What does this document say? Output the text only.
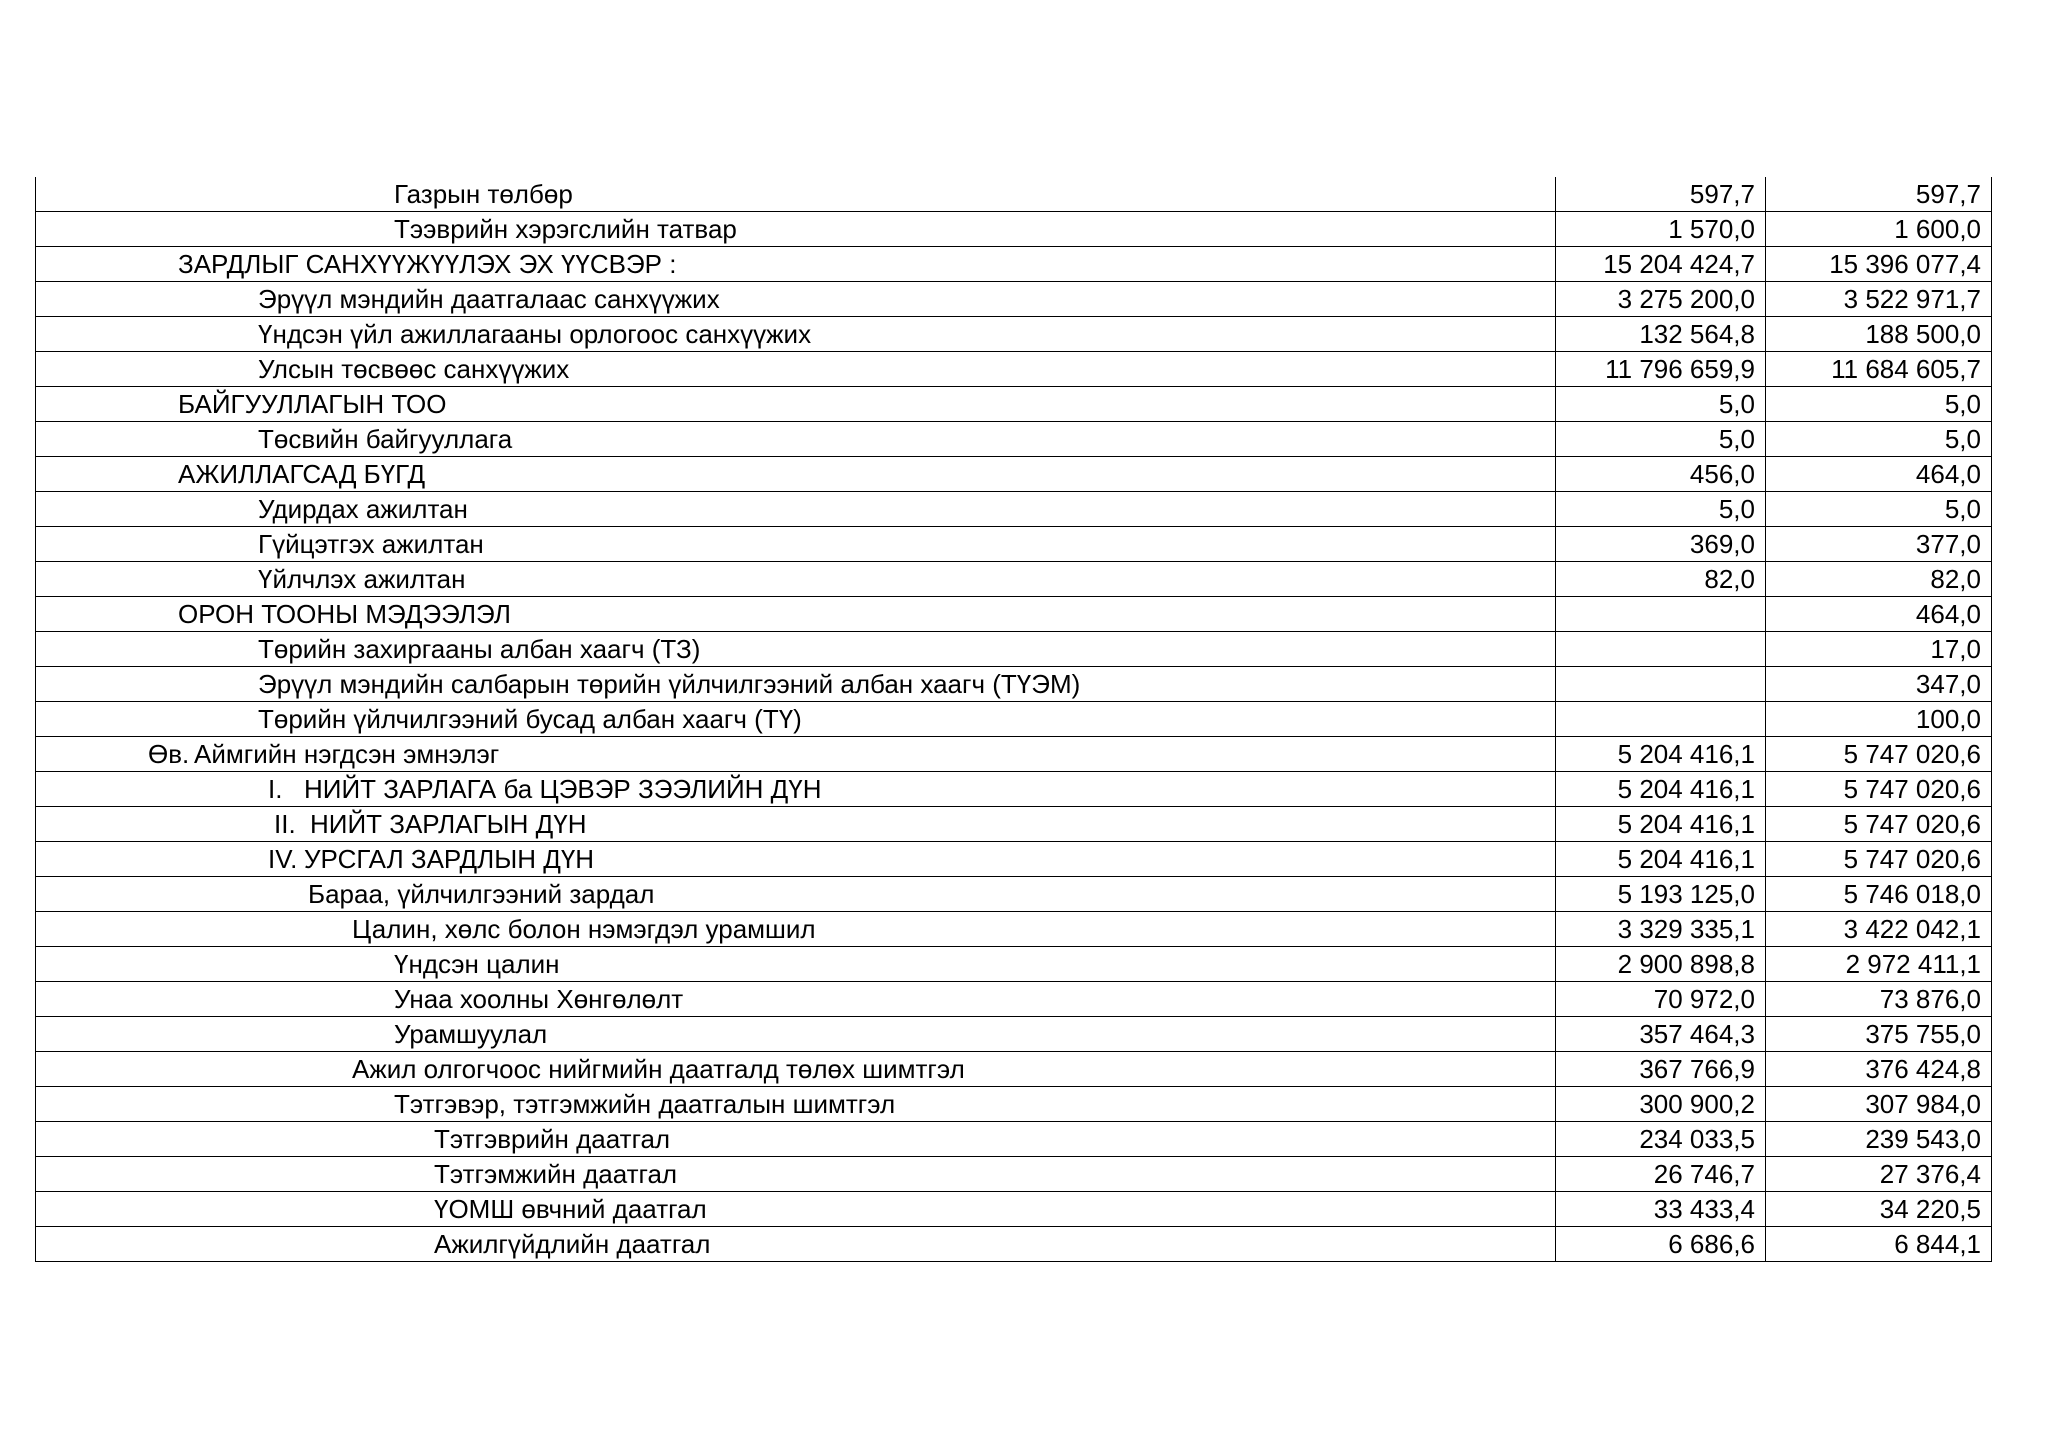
Газрын төлбөр	597,7	597,7
Тээврийн хэрэгслийн татвар	1 570,0	1 600,0
ЗАРДЛЫГ САНХҮҮЖҮҮЛЭХ ЭХ ҮҮСВЭР :	15 204 424,7	15 396 077,4
Эрүүл мэндийн даатгалаас санхүүжих	3 275 200,0	3 522 971,7
Үндсэн үйл ажиллагааны орлогоос санхүүжих	132 564,8	188 500,0
Улсын төсвөөс санхүүжих	11 796 659,9	11 684 605,7
БАЙГУУЛЛАГЫН ТОО	5,0	5,0
Төсвийн байгууллага	5,0	5,0
АЖИЛЛАГСАД БҮГД	456,0	464,0
Удирдах ажилтан	5,0	5,0
Гүйцэтгэх ажилтан	369,0	377,0
Үйлчлэх ажилтан	82,0	82,0
ОРОН ТООНЫ МЭДЭЭЛЭЛ		464,0
Төрийн захиргааны албан хаагч (ТЗ)		17,0
Эрүүл мэндийн салбарын төрийн үйлчилгээний албан хаагч (ТҮЭМ)		347,0
Төрийн үйлчилгээний бусад албан хаагч (ТҮ)		100,0
Өв. Аймгийн нэгдсэн эмнэлэг	5 204 416,1	5 747 020,6
I. НИЙТ ЗАРЛАГА ба ЦЭВЭР ЗЭЭЛИЙН ДҮН	5 204 416,1	5 747 020,6
II. НИЙТ ЗАРЛАГЫН ДҮН	5 204 416,1	5 747 020,6
IV. УРСГАЛ ЗАРДЛЫН ДҮН	5 204 416,1	5 747 020,6
Бараа, үйлчилгээний зардал	5 193 125,0	5 746 018,0
Цалин, хөлс болон нэмэгдэл урамшил	3 329 335,1	3 422 042,1
Үндсэн цалин	2 900 898,8	2 972 411,1
Унаа хоолны Хөнгөлөлт	70 972,0	73 876,0
Урамшуулал	357 464,3	375 755,0
Ажил олгогчоос нийгмийн даатгалд төлөх шимтгэл	367 766,9	376 424,8
Тэтгэвэр, тэтгэмжийн даатгалын шимтгэл	300 900,2	307 984,0
Тэтгэврийн даатгал	234 033,5	239 543,0
Тэтгэмжийн даатгал	26 746,7	27 376,4
ҮОМШ өвчний даатгал	33 433,4	34 220,5
Ажилгүйдлийн даатгал	6 686,6	6 844,1
